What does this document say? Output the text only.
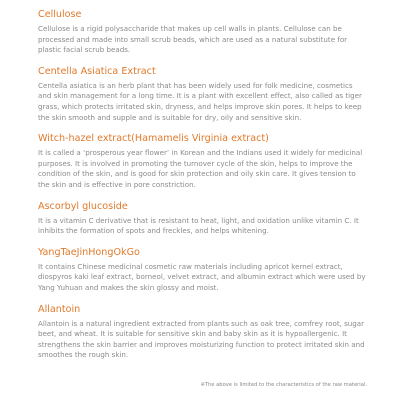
Cellulose

Cellulose is a rigid polysaccharide that makes up cell walls in plants. Cellulose can be processed and made into small scrub beads, which are used as a natural substitute for plastic facial scrub beads.

Centella Asiatica Extract

Centella asiatica is an herb plant that has been widely used for folk medicine, cosmetics and skin management for a long time. It is a plant with excellent effect, also called as tiger grass, which protects irritated skin, dryness, and helps improve skin pores. It helps to keep the skin smooth and supple and is suitable for dry, oily and sensitive skin.

Witch-hazel extract(Hamamelis Virginia extract)

It is called a ‘prosperous year flower’ in Korean and the Indians used it widely for medicinal purposes. It is involved in promoting the turnover cycle of the skin, helps to improve the condition of the skin, and is good for skin protection and oily skin care. It gives tension to the skin and is effective in pore constriction.

Ascorbyl glucoside

It is a vitamin C derivative that is resistant to heat, light, and oxidation unlike vitamin C. It inhibits the formation of spots and freckles, and helps whitening.

YangTaeJinHongOkGo

It contains Chinese medicinal cosmetic raw materials including apricot kernel extract, diospyros kaki leaf extract, borneol, velvet extract, and albumin extract which were used by Yang Yuhuan and makes the skin glossy and moist.

Allantoin

Allantoin is a natural ingredient extracted from plants such as oak tree, comfrey root, sugar beet, and wheat. It is suitable for sensitive skin and baby skin as it is hypoallergenic. It strengthens the skin barrier and improves moisturizing function to protect irritated skin and smoothes the rough skin.

※The above is limited to the characteristics of the raw material.
